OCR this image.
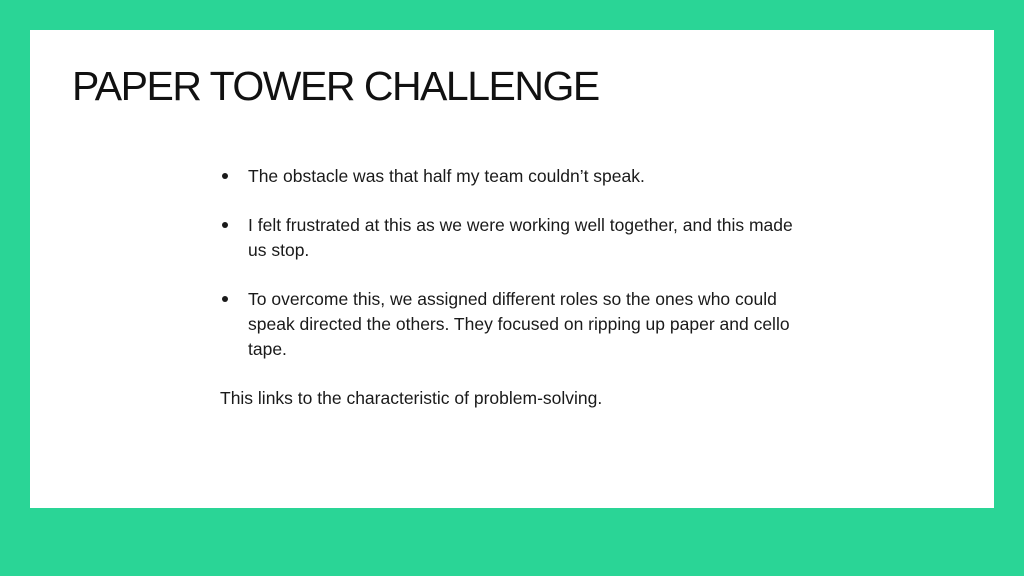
PAPER TOWER CHALLENGE
The obstacle was that half my team couldn’t speak.
I felt frustrated at this as we were working well together, and this made us stop.
To overcome this, we assigned different roles so the ones who could speak directed the others. They focused on ripping up paper and cello tape.

This links to the characteristic of problem-solving.
